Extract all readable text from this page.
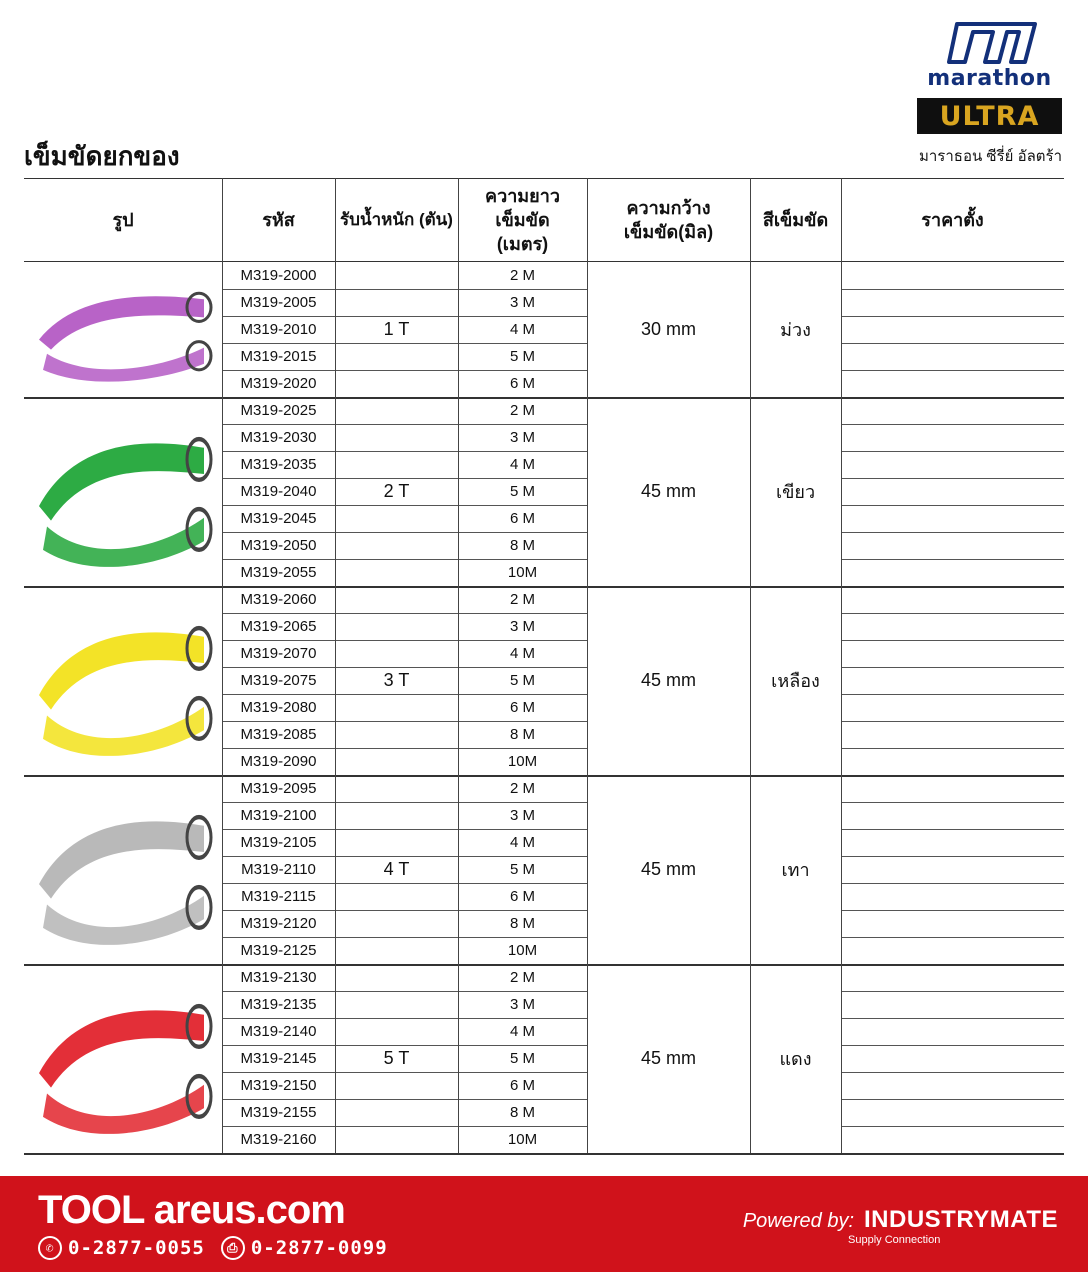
เข็มขัดยกของ
marathon
ULTRA
มาราธอน ซีรี่ย์ อัลตร้า
รูป	รหัส	รับน้ำหนัก (ตัน)
ความยาวเข็มขัด
(เมตร)
ความกว้าง
เข็มขัด(มิล)
สีเข็มขัด	ราคาตั้ง
M319-2000	2 M
M319-2005	3 M
M319-2010	4 M
M319-2015	5 M
M319-2020	6 M
1 T	30 mm	ม่วง
M319-2025	2 M
M319-2030	3 M
M319-2035	4 M
M319-2040	5 M
M319-2045	6 M
M319-2050	8 M
M319-2055	10M
2 T	45 mm	เขียว
M319-2060	2 M
M319-2065	3 M
M319-2070	4 M
M319-2075	5 M
M319-2080	6 M
M319-2085	8 M
M319-2090	10M
3 T	45 mm	เหลือง
M319-2095	2 M
M319-2100	3 M
M319-2105	4 M
M319-2110	5 M
M319-2115	6 M
M319-2120	8 M
M319-2125	10M
4 T	45 mm	เทา
M319-2130	2 M
M319-2135	3 M
M319-2140	4 M
M319-2145	5 M
M319-2150	6 M
M319-2155	8 M
M319-2160	10M
5 T	45 mm	แดง
TOOL areus.com
✆ 0-2877-0055	⎙ 0-2877-0099
Powered by: INDUSTRYMATE
Supply Connection
